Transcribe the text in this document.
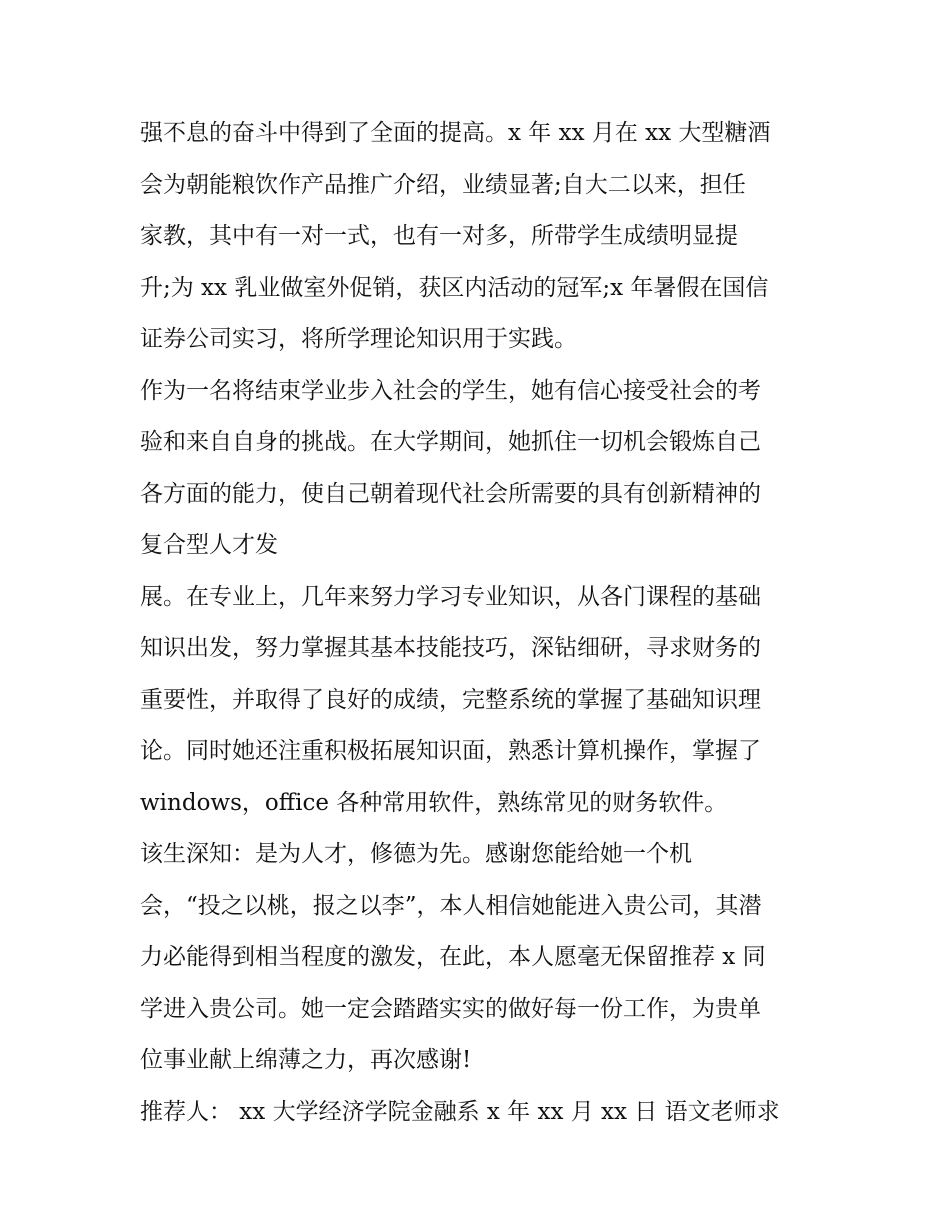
强不息的奋斗中得到了全面的提高。x 年 xx 月在 xx 大型糖酒
会为朝能粮饮作产品推广介绍，业绩显著;自大二以来，担任
家教，其中有一对一式，也有一对多，所带学生成绩明显提
升;为 xx 乳业做室外促销，获区内活动的冠军;x 年暑假在国信
证券公司实习，将所学理论知识用于实践。
作为一名将结束学业步入社会的学生，她有信心接受社会的考
验和来自自身的挑战。在大学期间，她抓住一切机会锻炼自己
各方面的能力，使自己朝着现代社会所需要的具有创新精神的
复合型人才发
展。在专业上，几年来努力学习专业知识，从各门课程的基础
知识出发，努力掌握其基本技能技巧，深钻细研，寻求财务的
重要性，并取得了良好的成绩，完整系统的掌握了基础知识理
论。同时她还注重积极拓展知识面，熟悉计算机操作，掌握了
windows，office 各种常用软件，熟练常见的财务软件。
该生深知：是为人才，修德为先。感谢您能给她一个机
会，“投之以桃，报之以李”，本人相信她能进入贵公司，其潜
力必能得到相当程度的激发，在此，本人愿毫无保留推荐 x 同
学进入贵公司。她一定会踏踏实实的做好每一份工作，为贵单
位事业献上绵薄之力，再次感谢!
推荐人： xx 大学经济学院金融系 x 年 xx 月 xx 日 语文老师求
